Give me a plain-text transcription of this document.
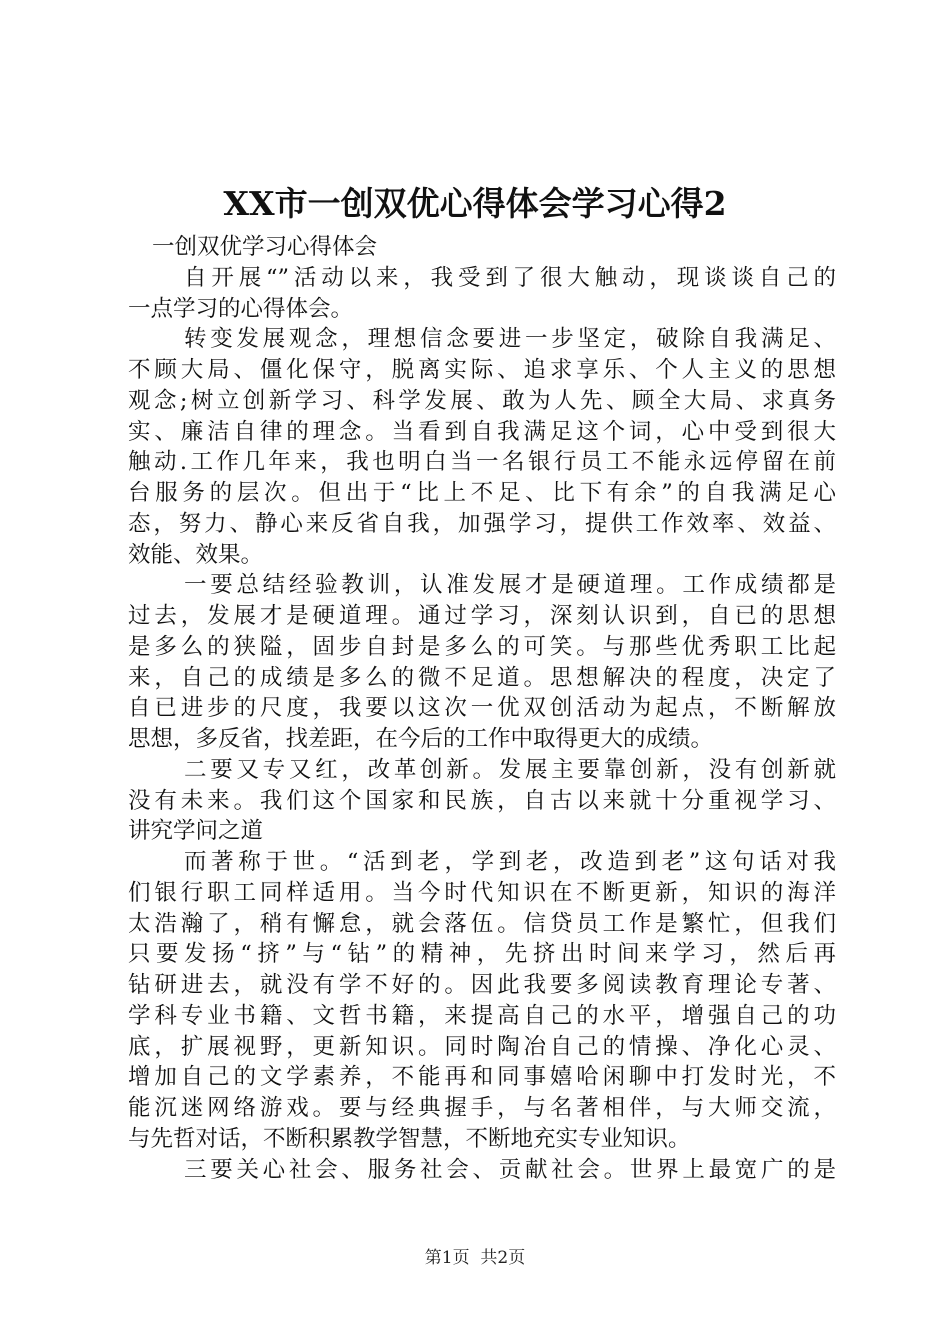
XX市一创双优心得体会学习心得2
一创双优学习心得体会
自开展“”活动以来，我受到了很大触动，现谈谈自己的
一点学习的心得体会。
转变发展观念，理想信念要进一步坚定，破除自我满足、
不顾大局、僵化保守，脱离实际、追求享乐、个人主义的思想
观念;树立创新学习、科学发展、敢为人先、顾全大局、求真务
实、廉洁自律的理念。当看到自我满足这个词，心中受到很大
触动.工作几年来，我也明白当一名银行员工不能永远停留在前
台服务的层次。但出于“比上不足、比下有余”的自我满足心
态，努力、静心来反省自我，加强学习，提供工作效率、效益、
效能、效果。
一要总结经验教训，认准发展才是硬道理。工作成绩都是
过去，发展才是硬道理。通过学习，深刻认识到，自已的思想
是多么的狭隘，固步自封是多么的可笑。与那些优秀职工比起
来，自己的成绩是多么的微不足道。思想解决的程度，决定了
自已进步的尺度，我要以这次一优双创活动为起点，不断解放
思想，多反省，找差距，在今后的工作中取得更大的成绩。
二要又专又红，改革创新。发展主要靠创新，没有创新就
没有未来。我们这个国家和民族，自古以来就十分重视学习、
讲究学问之道
而著称于世。“活到老，学到老，改造到老”这句话对我
们银行职工同样适用。当今时代知识在不断更新，知识的海洋
太浩瀚了，稍有懈怠，就会落伍。信贷员工作是繁忙，但我们
只要发扬“挤”与“钻”的精神，先挤出时间来学习，然后再
钻研进去，就没有学不好的。因此我要多阅读教育理论专著、
学科专业书籍、文哲书籍，来提高自己的水平，增强自己的功
底，扩展视野，更新知识。同时陶冶自己的情操、净化心灵、
增加自己的文学素养，不能再和同事嬉哈闲聊中打发时光，不
能沉迷网络游戏。要与经典握手，与名著相伴，与大师交流，
与先哲对话，不断积累教学智慧，不断地充实专业知识。
三要关心社会、服务社会、贡献社会。世界上最宽广的是
第1页 共2页
